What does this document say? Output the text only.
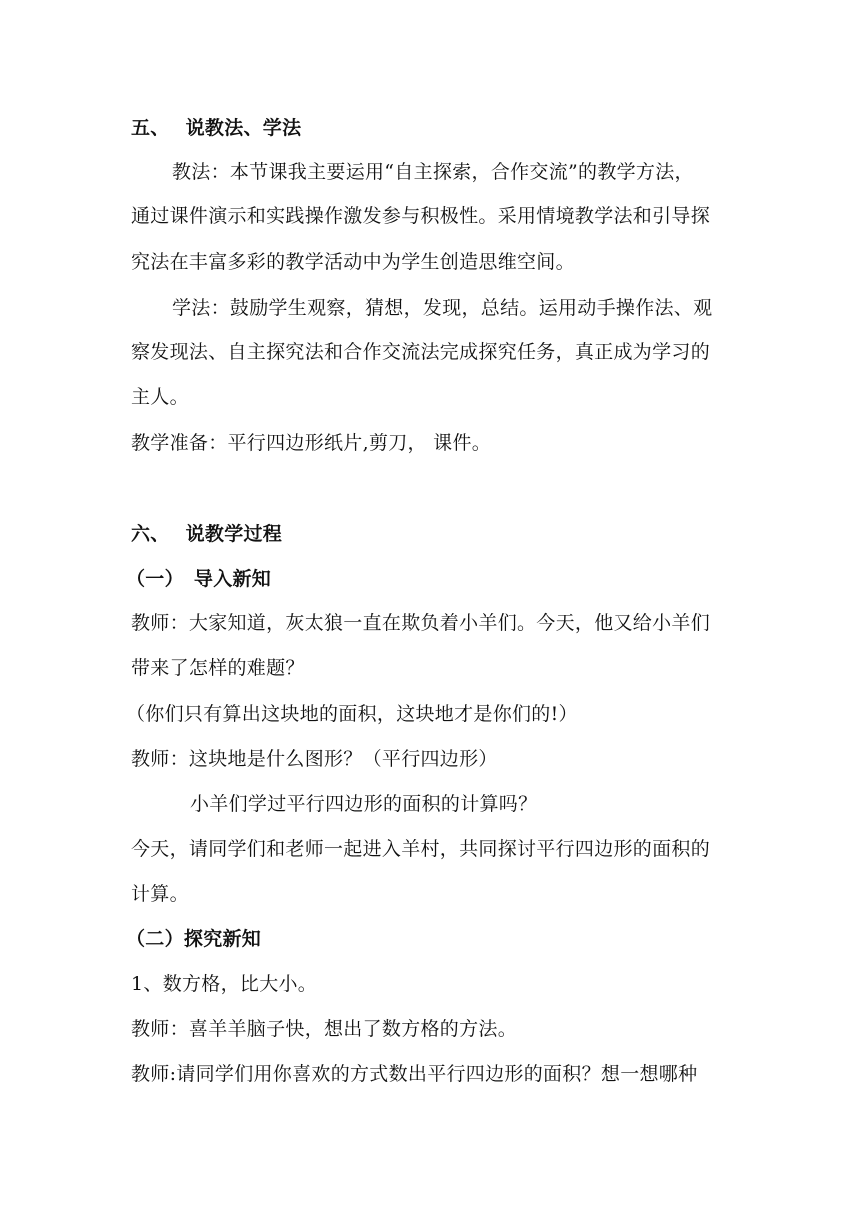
五、 说教法、学法
教法：本节课我主要运用“自主探索，合作交流”的教学方法，
通过课件演示和实践操作激发参与积极性。采用情境教学法和引导探
究法在丰富多彩的教学活动中为学生创造思维空间。
学法：鼓励学生观察，猜想，发现，总结。运用动手操作法、观
察发现法、自主探究法和合作交流法完成探究任务，真正成为学习的
主人。
教学准备：平行四边形纸片,剪刀， 课件。
六、 说教学过程
（一） 导入新知
教师：大家知道，灰太狼一直在欺负着小羊们。今天，他又给小羊们
带来了怎样的难题？
（你们只有算出这块地的面积，这块地才是你们的!）
教师：这块地是什么图形？（平行四边形）
小羊们学过平行四边形的面积的计算吗？
今天，请同学们和老师一起进入羊村，共同探讨平行四边形的面积的
计算。
（二）探究新知
1、数方格，比大小。
教师：喜羊羊脑子快，想出了数方格的方法。
教师:请同学们用你喜欢的方式数出平行四边形的面积？想一想哪种
